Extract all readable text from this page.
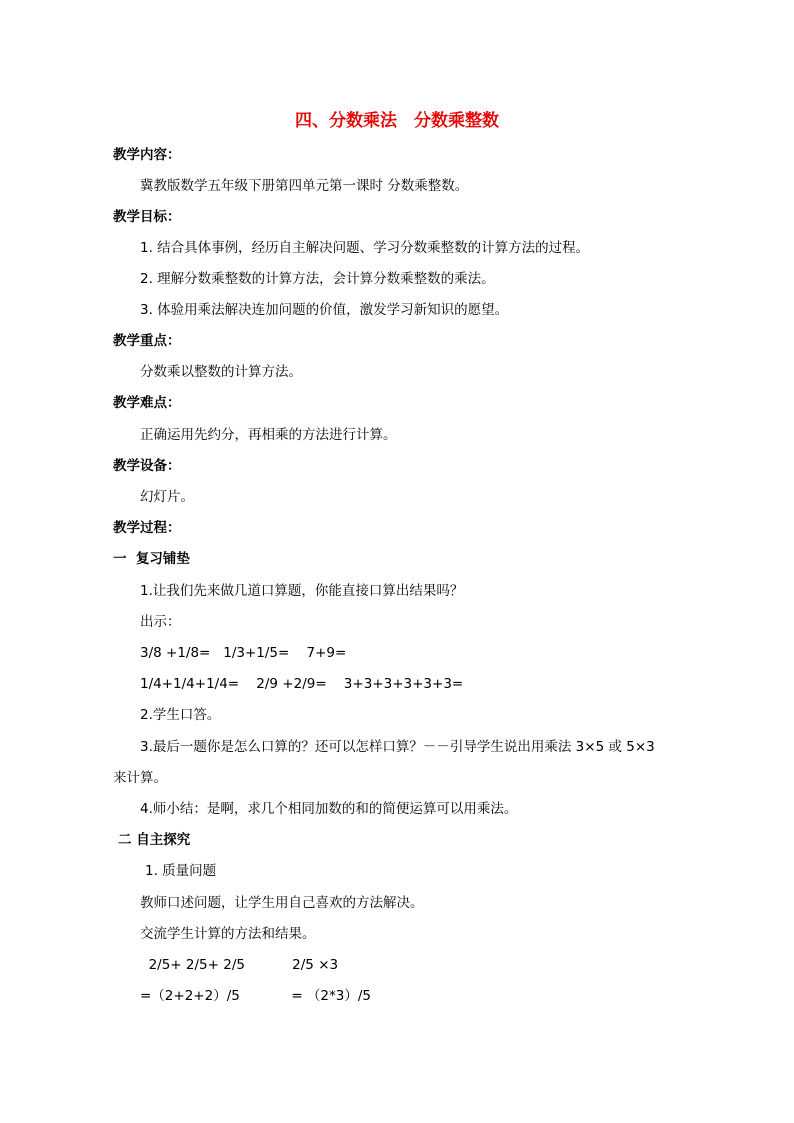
四、分数乘法　分数乘整数
教学内容：
冀教版数学五年级下册第四单元第一课时 分数乘整数。
教学目标：
1. 结合具体事例，经历自主解决问题、学习分数乘整数的计算方法的过程。
2. 理解分数乘整数的计算方法，会计算分数乘整数的乘法。
3. 体验用乘法解决连加问题的价值，激发学习新知识的愿望。
教学重点：
分数乘以整数的计算方法。
教学难点：
正确运用先约分，再相乘的方法进行计算。
教学设备：
幻灯片。
教学过程：
一  复习铺垫
1.让我们先来做几道口算题，你能直接口算出结果吗？
出示：
3/8 +1/8=   1/3+1/5=    7+9=
1/4+1/4+1/4=    2/9 +2/9=    3+3+3+3+3+3=
2.学生口答。
3.最后一题你是怎么口算的？还可以怎样口算？－－引导学生说出用乘法 3×5 或 5×3
来计算。
4.师小结：是啊，求几个相同加数的和的简便运算可以用乘法。
二 自主探究
1. 质量问题
教师口述问题，让学生用自己喜欢的方法解决。
交流学生计算的方法和结果。
2/5+ 2/5+ 2/5           2/5 ×3
=（2+2+2）/5            = （2*3）/5
